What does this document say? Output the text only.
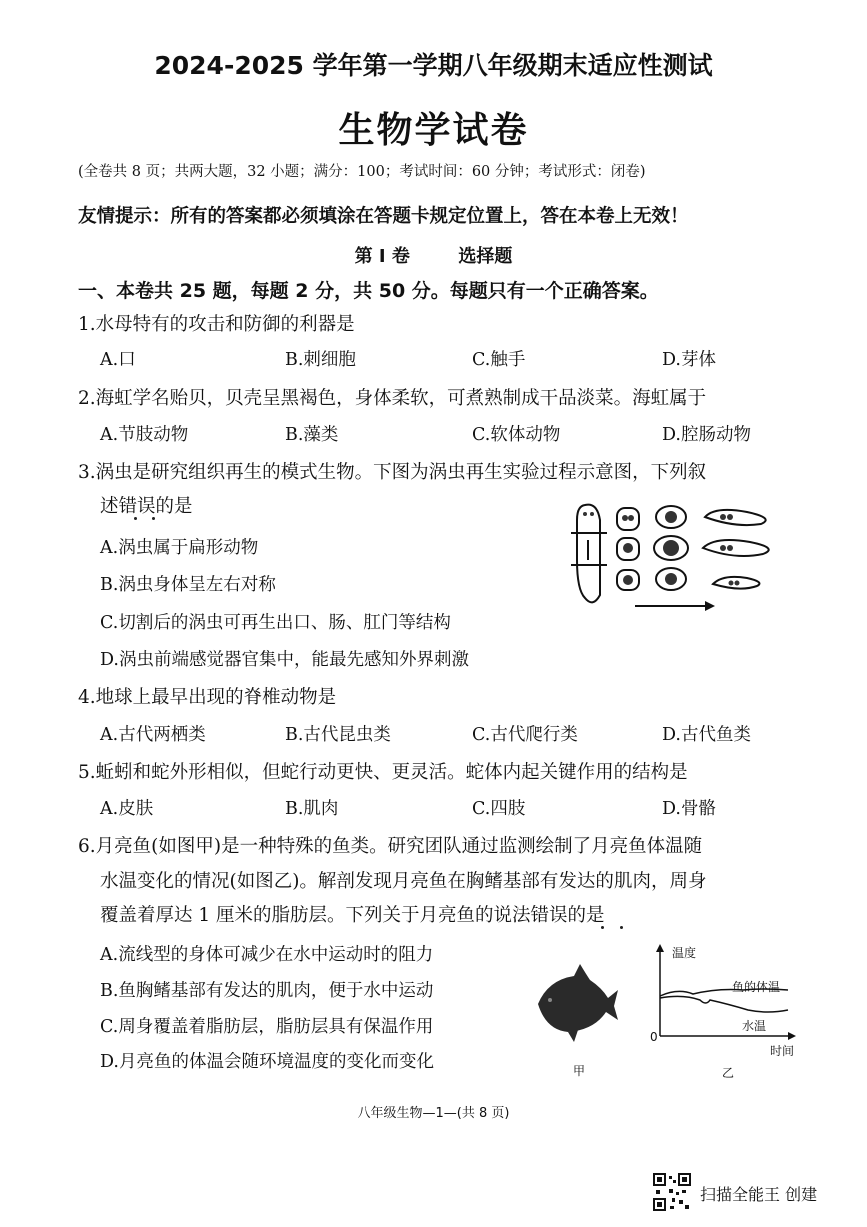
2024-2025 学年第一学期八年级期末适应性测试
生物学试卷
(全卷共 8 页；共两大题，32 小题；满分：100；考试时间：60 分钟；考试形式：闭卷)
友情提示：所有的答案都必须填涂在答题卡规定位置上，答在本卷上无效！
第 Ⅰ 卷	选择题
一、本卷共 25 题，每题 2 分，共 50 分。每题只有一个正确答案。
1.水母特有的攻击和防御的利器是
A.口	B.刺细胞	C.触手	D.芽体
2.海虹学名贻贝，贝壳呈黑褐色，身体柔软，可煮熟制成干品淡菜。海虹属于
A.节肢动物	B.藻类	C.软体动物	D.腔肠动物
3.涡虫是研究组织再生的模式生物。下图为涡虫再生实验过程示意图，下列叙
述错误的是
A.涡虫属于扁形动物
B.涡虫身体呈左右对称
C.切割后的涡虫可再生出口、肠、肛门等结构
D.涡虫前端感觉器官集中，能最先感知外界刺激
4.地球上最早出现的脊椎动物是
A.古代两栖类	B.古代昆虫类	C.古代爬行类	D.古代鱼类
5.蚯蚓和蛇外形相似，但蛇行动更快、更灵活。蛇体内起关键作用的结构是
A.皮肤	B.肌肉	C.四肢	D.骨骼
6.月亮鱼(如图甲)是一种特殊的鱼类。研究团队通过监测绘制了月亮鱼体温随
水温变化的情况(如图乙)。解剖发现月亮鱼在胸鳍基部有发达的肌肉，周身
覆盖着厚达 1 厘米的脂肪层。下列关于月亮鱼的说法错误的是
A.流线型的身体可减少在水中运动时的阻力
B.鱼胸鳍基部有发达的肌肉，便于水中运动
C.周身覆盖着脂肪层，脂肪层具有保温作用
D.月亮鱼的体温会随环境温度的变化而变化	甲
温度
鱼的体温
水温
0
时间
乙
八年级生物—1—(共 8 页)
扫描全能王 创建
